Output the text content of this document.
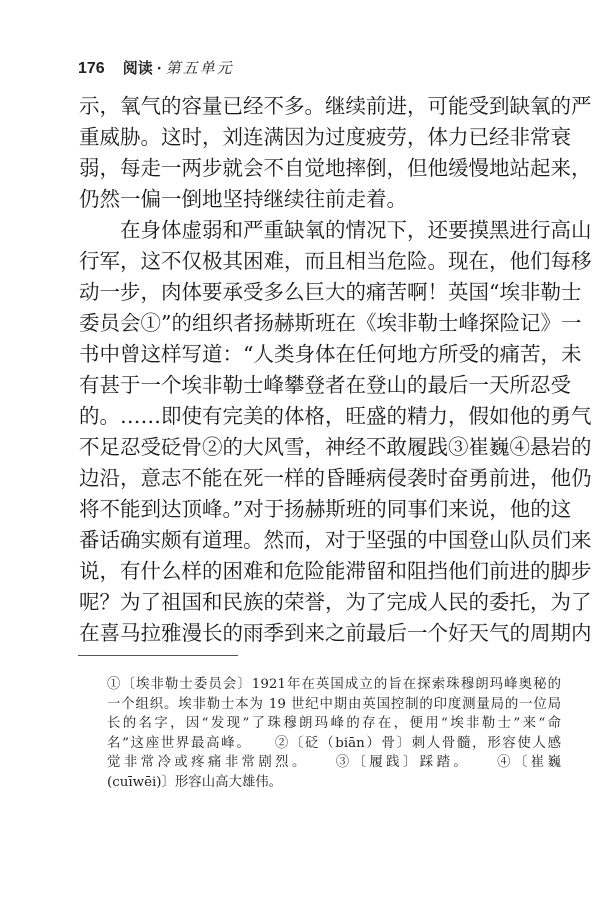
176 阅读 · 第五单元
示，氧气的容量已经不多。继续前进，可能受到缺氧的严
重威胁。这时，刘连满因为过度疲劳，体力已经非常衰
弱，每走一两步就会不自觉地摔倒，但他缓慢地站起来，
仍然一偏一倒地坚持继续往前走着。
　　在身体虚弱和严重缺氧的情况下，还要摸黑进行高山
行军，这不仅极其困难，而且相当危险。现在，他们每移
动一步，肉体要承受多么巨大的痛苦啊！英国“埃非勒士
委员会①”的组织者扬赫斯班在《埃非勒士峰探险记》一
书中曾这样写道：“人类身体在任何地方所受的痛苦，未
有甚于一个埃非勒士峰攀登者在登山的最后一天所忍受
的。……即使有完美的体格，旺盛的精力，假如他的勇气
不足忍受砭骨②的大风雪，神经不敢履践③崔巍④悬岩的
边沿，意志不能在死一样的昏睡病侵袭时奋勇前进，他仍
将不能到达顶峰。”对于扬赫斯班的同事们来说，他的这
番话确实颇有道理。然而，对于坚强的中国登山队员们来
说，有什么样的困难和危险能滞留和阻挡他们前进的脚步
呢？为了祖国和民族的荣誉，为了完成人民的委托，为了
在喜马拉雅漫长的雨季到来之前最后一个好天气的周期内
①〔埃非勒士委员会〕1921年在英国成立的旨在探索珠穆朗玛峰奥秘的
一个组织。埃非勒士本为 19 世纪中期由英国控制的印度测量局的一位局
长的名字，因“发现”了珠穆朗玛峰的存在，便用“埃非勒士”来“命
名”这座世界最高峰。　　②〔砭（biān）骨〕刺人骨髓，形容使人感
觉非常冷或疼痛非常剧烈。　　③〔履践〕踩踏。　　④〔崔巍
(cuīwēi)〕形容山高大雄伟。
